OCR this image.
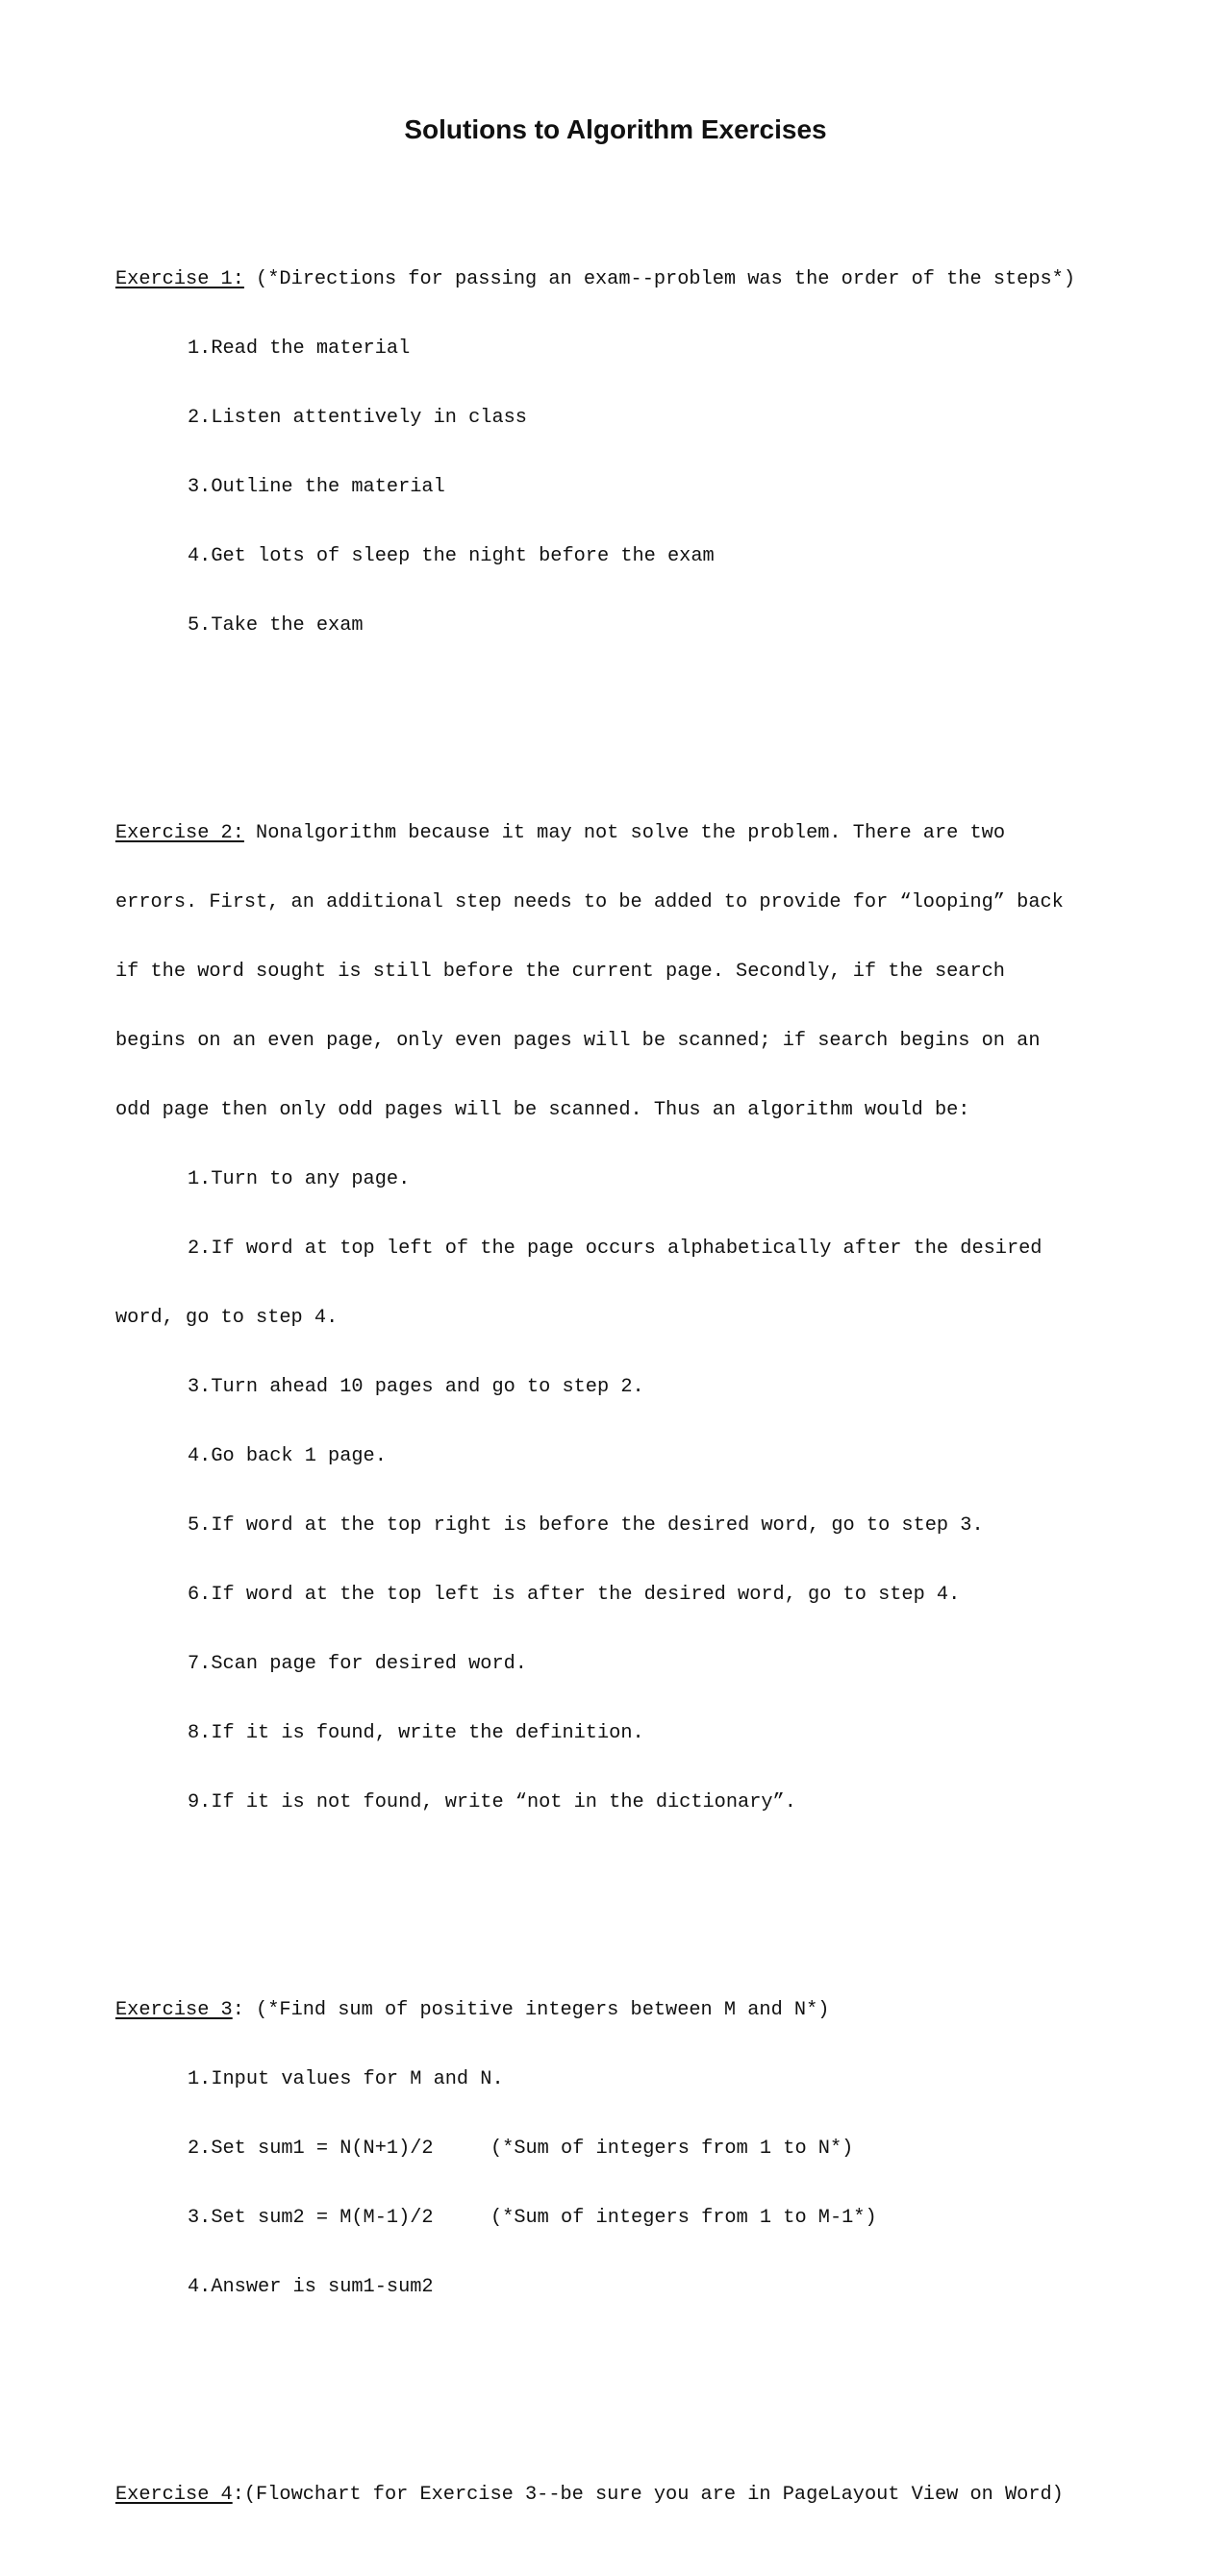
Solutions to Algorithm Exercises

Exercise 1: (*Directions for passing an exam--problem was the order of the steps*)

1.Read the material

2.Listen attentively in class

3.Outline the material

4.Get lots of sleep the night before the exam

5.Take the exam

Exercise 2: Nonalgorithm because it may not solve the problem. There are two

errors. First, an additional step needs to be added to provide for “looping” back

if the word sought is still before the current page. Secondly, if the search

begins on an even page, only even pages will be scanned; if search begins on an

odd page then only odd pages will be scanned. Thus an algorithm would be:

1.Turn to any page.

2.If word at top left of the page occurs alphabetically after the desired

word, go to step 4.

3.Turn ahead 10 pages and go to step 2.

4.Go back 1 page.

5.If word at the top right is before the desired word, go to step 3.

6.If word at the top left is after the desired word, go to step 4.

7.Scan page for desired word.

8.If it is found, write the definition.

9.If it is not found, write “not in the dictionary”.

Exercise 3: (*Find sum of positive integers between M and N*)

1.Input values for M and N.

2.Set sum1 = N(N+1)/2	(*Sum of integers from 1 to N*)

3.Set sum2 = M(M-1)/2	(*Sum of integers from 1 to M-1*)

4.Answer is sum1-sum2

Exercise 4:(Flowchart for Exercise 3--be sure you are in PageLayout View on Word)
